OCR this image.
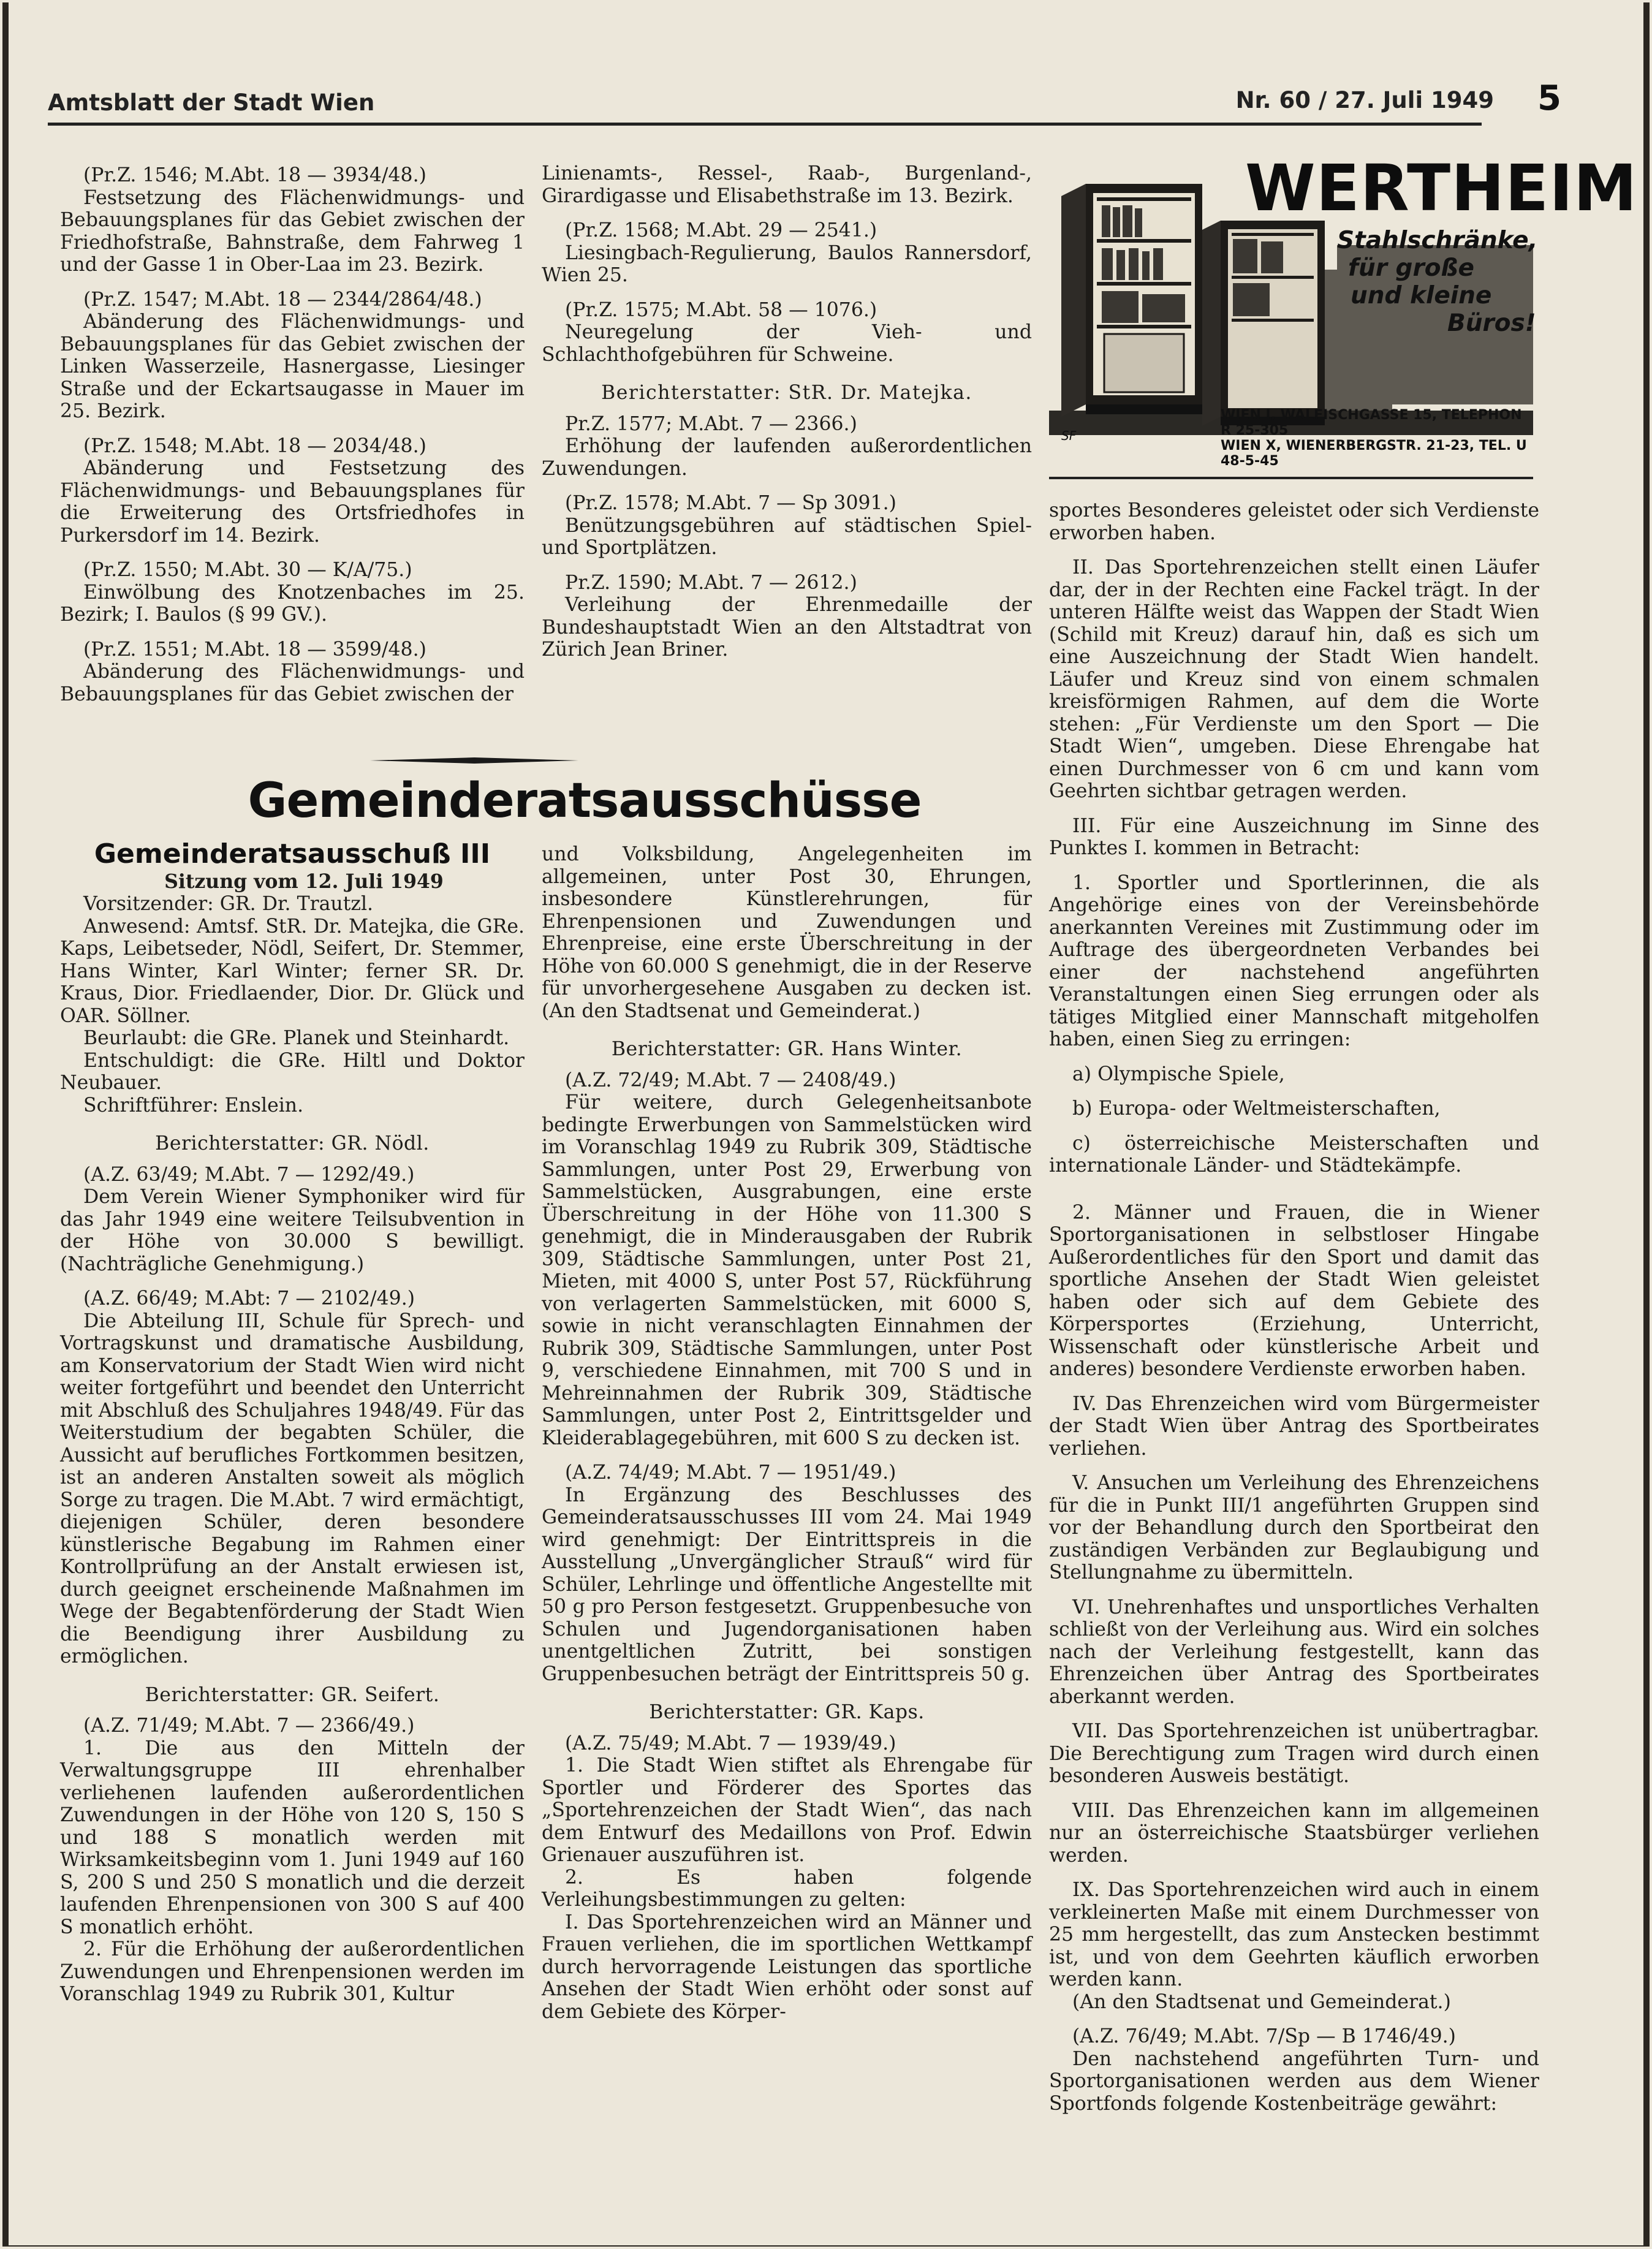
Amtsblatt der Stadt Wien	Nr. 60 / 27. Juli 1949 5

(Pr.Z. 1546; M.Abt. 18 — 3934/48.)

Festsetzung des Flächenwidmungs- und Bebauungsplanes für das Gebiet zwischen der Friedhofstraße, Bahnstraße, dem Fahrweg 1 und der Gasse 1 in Ober-Laa im 23. Bezirk.

(Pr.Z. 1547; M.Abt. 18 — 2344/2864/48.)

Abänderung des Flächenwidmungs- und Bebauungsplanes für das Gebiet zwischen der Linken Wasserzeile, Hasnergasse, Liesinger Straße und der Eckartsaugasse in Mauer im 25. Bezirk.

(Pr.Z. 1548; M.Abt. 18 — 2034/48.)

Abänderung und Festsetzung des Flächenwidmungs- und Bebauungsplanes für die Erweiterung des Ortsfriedhofes in Purkersdorf im 14. Bezirk.

(Pr.Z. 1550; M.Abt. 30 — K/A/75.)

Einwölbung des Knotzenbaches im 25. Bezirk; I. Baulos (§ 99 GV.).

(Pr.Z. 1551; M.Abt. 18 — 3599/48.)

Abänderung des Flächenwidmungs- und Bebauungsplanes für das Gebiet zwischen der

Linienamts-, Ressel-, Raab-, Burgenland-, Girardigasse und Elisabethstraße im 13. Bezirk.

(Pr.Z. 1568; M.Abt. 29 — 2541.)

Liesingbach-Regulierung, Baulos Rannersdorf, Wien 25.

(Pr.Z. 1575; M.Abt. 58 — 1076.)

Neuregelung der Vieh- und Schlachthofgebühren für Schweine.

Berichterstatter: StR. Dr. Matejka.

Pr.Z. 1577; M.Abt. 7 — 2366.)

Erhöhung der laufenden außerordentlichen Zuwendungen.

(Pr.Z. 1578; M.Abt. 7 — Sp 3091.)

Benützungsgebühren auf städtischen Spiel- und Sportplätzen.

Pr.Z. 1590; M.Abt. 7 — 2612.)

Verleihung der Ehrenmedaille der Bundeshauptstadt Wien an den Altstadtrat von Zürich Jean Briner.

Gemeinderatsausschüsse
Gemeinderatsausschuß III

Sitzung vom 12. Juli 1949

Vorsitzender: GR. Dr. Trautzl.

Anwesend: Amtsf. StR. Dr. Matejka, die GRe. Kaps, Leibetseder, Nödl, Seifert, Dr. Stemmer, Hans Winter, Karl Winter; ferner SR. Dr. Kraus, Dior. Friedlaender, Dior. Dr. Glück und OAR. Söllner.

Beurlaubt: die GRe. Planek und Steinhardt.

Entschuldigt: die GRe. Hiltl und Doktor Neubauer.

Schriftführer: Enslein.

Berichterstatter: GR. Nödl.

(A.Z. 63/49; M.Abt. 7 — 1292/49.)

Dem Verein Wiener Symphoniker wird für das Jahr 1949 eine weitere Teilsubvention in der Höhe von 30.000 S bewilligt. (Nachträgliche Genehmigung.)

(A.Z. 66/49; M.Abt: 7 — 2102/49.)

Die Abteilung III, Schule für Sprech- und Vortragskunst und dramatische Ausbildung, am Konservatorium der Stadt Wien wird nicht weiter fortgeführt und beendet den Unterricht mit Abschluß des Schuljahres 1948/49. Für das Weiterstudium der begabten Schüler, die Aussicht auf berufliches Fortkommen besitzen, ist an anderen Anstalten soweit als möglich Sorge zu tragen. Die M.Abt. 7 wird ermächtigt, diejenigen Schüler, deren besondere künstlerische Begabung im Rahmen einer Kontrollprüfung an der Anstalt erwiesen ist, durch geeignet erscheinende Maßnahmen im Wege der Begabtenförderung der Stadt Wien die Beendigung ihrer Ausbildung zu ermöglichen.

Berichterstatter: GR. Seifert.

(A.Z. 71/49; M.Abt. 7 — 2366/49.)

1. Die aus den Mitteln der Verwaltungsgruppe III ehrenhalber verliehenen laufenden außerordentlichen Zuwendungen in der Höhe von 120 S, 150 S und 188 S monatlich werden mit Wirksamkeitsbeginn vom 1. Juni 1949 auf 160 S, 200 S und 250 S monatlich und die derzeit laufenden Ehrenpensionen von 300 S auf 400 S monatlich erhöht.

2. Für die Erhöhung der außerordentlichen Zuwendungen und Ehrenpensionen werden im Voranschlag 1949 zu Rubrik 301, Kultur

und Volksbildung, Angelegenheiten im allgemeinen, unter Post 30, Ehrungen, insbesondere Künstlerehrungen, für Ehrenpensionen und Zuwendungen und Ehrenpreise, eine erste Überschreitung in der Höhe von 60.000 S genehmigt, die in der Reserve für unvorhergesehene Ausgaben zu decken ist. (An den Stadtsenat und Gemeinderat.)

Berichterstatter: GR. Hans Winter.

(A.Z. 72/49; M.Abt. 7 — 2408/49.)

Für weitere, durch Gelegenheitsanbote bedingte Erwerbungen von Sammelstücken wird im Voranschlag 1949 zu Rubrik 309, Städtische Sammlungen, unter Post 29, Erwerbung von Sammelstücken, Ausgrabungen, eine erste Überschreitung in der Höhe von 11.300 S genehmigt, die in Minderausgaben der Rubrik 309, Städtische Sammlungen, unter Post 21, Mieten, mit 4000 S, unter Post 57, Rückführung von verlagerten Sammelstücken, mit 6000 S, sowie in nicht veranschlagten Einnahmen der Rubrik 309, Städtische Sammlungen, unter Post 9, verschiedene Einnahmen, mit 700 S und in Mehreinnahmen der Rubrik 309, Städtische Sammlungen, unter Post 2, Eintrittsgelder und Kleiderablagegebühren, mit 600 S zu decken ist.

(A.Z. 74/49; M.Abt. 7 — 1951/49.)

In Ergänzung des Beschlusses des Gemeinderatsausschusses III vom 24. Mai 1949 wird genehmigt: Der Eintrittspreis in die Ausstellung „Unvergänglicher Strauß“ wird für Schüler, Lehrlinge und öffentliche Angestellte mit 50 g pro Person festgesetzt. Gruppenbesuche von Schulen und Jugendorganisationen haben unentgeltlichen Zutritt, bei sonstigen Gruppenbesuchen beträgt der Eintrittspreis 50 g.

Berichterstatter: GR. Kaps.

(A.Z. 75/49; M.Abt. 7 — 1939/49.)

1. Die Stadt Wien stiftet als Ehrengabe für Sportler und Förderer des Sportes das „Sportehrenzeichen der Stadt Wien“, das nach dem Entwurf des Medaillons von Prof. Edwin Grienauer auszuführen ist.

2. Es haben folgende Verleihungsbestimmungen zu gelten:

I. Das Sportehrenzeichen wird an Männer und Frauen verliehen, die im sportlichen Wettkampf durch hervorragende Leistungen das sportliche Ansehen der Stadt Wien erhöht oder sonst auf dem Gebiete des Körper-

SF
WERTHEIM
Stahlschränke,
für große
und kleine
Büros!
WIEN I, WALFISCHGASSE 15, TELEPHON R 25-305
WIEN X, WIENERBERGSTR. 21-23, TEL. U 48-5-45

sportes Besonderes geleistet oder sich Verdienste erworben haben.

II. Das Sportehrenzeichen stellt einen Läufer dar, der in der Rechten eine Fackel trägt. In der unteren Hälfte weist das Wappen der Stadt Wien (Schild mit Kreuz) darauf hin, daß es sich um eine Auszeichnung der Stadt Wien handelt. Läufer und Kreuz sind von einem schmalen kreisförmigen Rahmen, auf dem die Worte stehen: „Für Verdienste um den Sport — Die Stadt Wien“, umgeben. Diese Ehrengabe hat einen Durchmesser von 6 cm und kann vom Geehrten sichtbar getragen werden.

III. Für eine Auszeichnung im Sinne des Punktes I. kommen in Betracht:

1. Sportler und Sportlerinnen, die als Angehörige eines von der Vereinsbehörde anerkannten Vereines mit Zustimmung oder im Auftrage des übergeordneten Verbandes bei einer der nachstehend angeführten Veranstaltungen einen Sieg errungen oder als tätiges Mitglied einer Mannschaft mitgeholfen haben, einen Sieg zu erringen:

a) Olympische Spiele,

b) Europa- oder Weltmeisterschaften,

c) österreichische Meisterschaften und internationale Länder- und Städtekämpfe.

2. Männer und Frauen, die in Wiener Sportorganisationen in selbstloser Hingabe Außerordentliches für den Sport und damit das sportliche Ansehen der Stadt Wien geleistet haben oder sich auf dem Gebiete des Körpersportes (Erziehung, Unterricht, Wissenschaft oder künstlerische Arbeit und anderes) besondere Verdienste erworben haben.

IV. Das Ehrenzeichen wird vom Bürgermeister der Stadt Wien über Antrag des Sportbeirates verliehen.

V. Ansuchen um Verleihung des Ehrenzeichens für die in Punkt III/1 angeführten Gruppen sind vor der Behandlung durch den Sportbeirat den zuständigen Verbänden zur Beglaubigung und Stellungnahme zu übermitteln.

VI. Unehrenhaftes und unsportliches Verhalten schließt von der Verleihung aus. Wird ein solches nach der Verleihung festgestellt, kann das Ehrenzeichen über Antrag des Sportbeirates aberkannt werden.

VII. Das Sportehrenzeichen ist unübertragbar. Die Berechtigung zum Tragen wird durch einen besonderen Ausweis bestätigt.

VIII. Das Ehrenzeichen kann im allgemeinen nur an österreichische Staatsbürger verliehen werden.

IX. Das Sportehrenzeichen wird auch in einem verkleinerten Maße mit einem Durchmesser von 25 mm hergestellt, das zum Anstecken bestimmt ist, und von dem Geehrten käuflich erworben werden kann.

(An den Stadtsenat und Gemeinderat.)

(A.Z. 76/49; M.Abt. 7/Sp — B 1746/49.)

Den nachstehend angeführten Turn- und Sportorganisationen werden aus dem Wiener Sportfonds folgende Kostenbeiträge gewährt:
